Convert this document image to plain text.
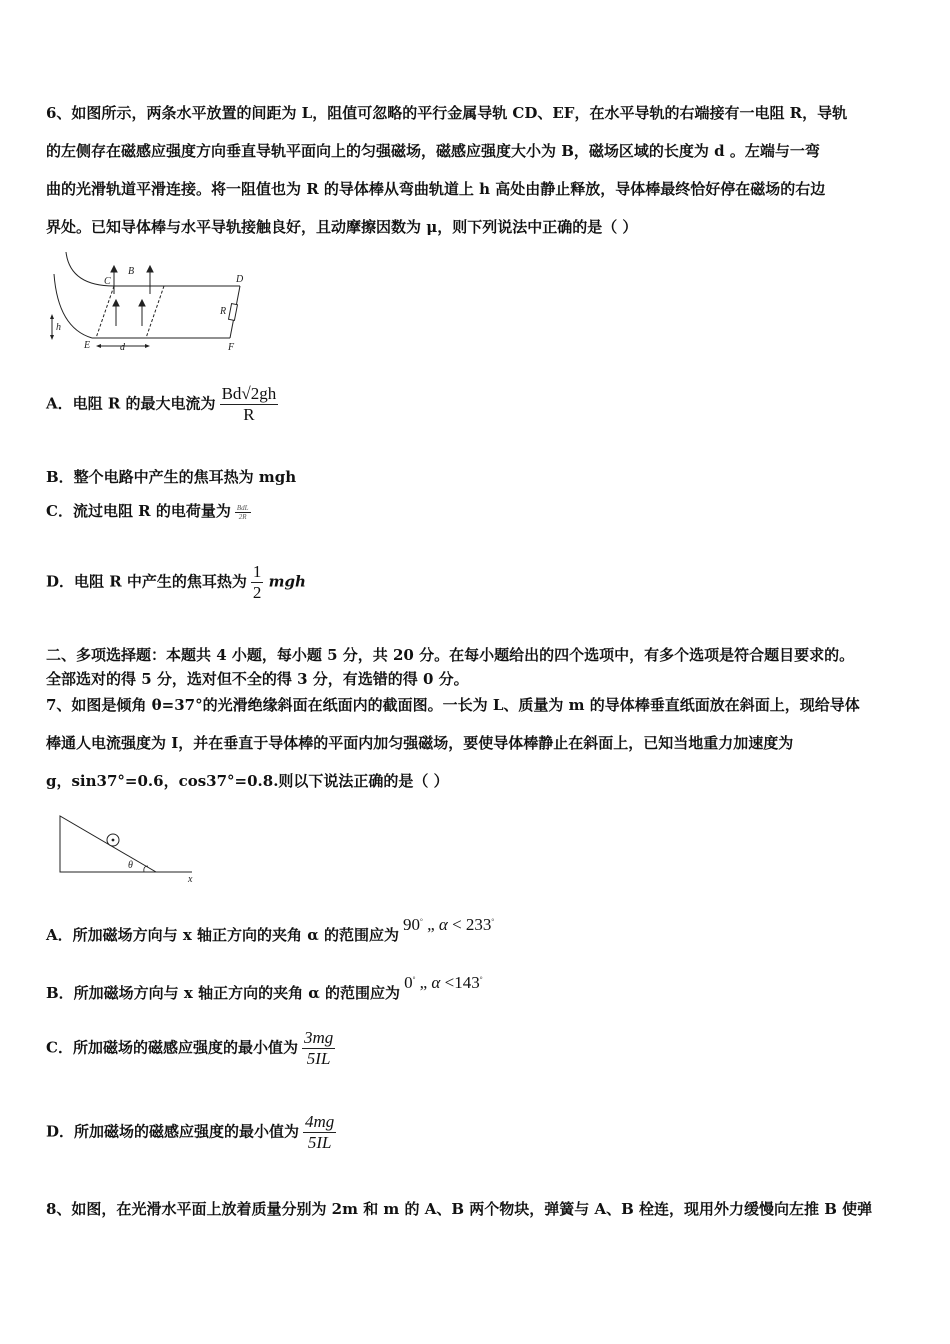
6、如图所示，两条水平放置的间距为 L，阻值可忽略的平行金属导轨 CD、EF，在水平导轨的右端接有一电阻 R，导轨
的左侧存在磁感应强度方向垂直导轨平面向上的匀强磁场，磁感应强度大小为 B，磁场区域的长度为 d 。左端与一弯
曲的光滑轨道平滑连接。将一阻值也为 R 的导体棒从弯曲轨道上 h 高处由静止释放，导体棒最终恰好停在磁场的右边
界处。已知导体棒与水平导轨接触良好，且动摩擦因数为 μ，则下列说法中正确的是（ ）
C	D
E	F
B
R
h
d
A．电阻 R 的最大电流为 $\frac{Bd√2gh}{R}$
B．整个电路中产生的焦耳热为 mgh
C．流过电阻 R 的电荷量为 $\frac{\text{BdL}}{2R}$
D．电阻 R 中产生的焦耳热为 $\frac{1}{2}$ mgh
二、多项选择题：本题共 4 小题，每小题 5 分，共 20 分。在每小题给出的四个选项中，有多个选项是符合题目要求的。
全部选对的得 5 分，选对但不全的得 3 分，有选错的得 0 分。
7、如图是倾角 θ=37°的光滑绝缘斜面在纸面内的截面图。一长为 L、质量为 m 的导体棒垂直纸面放在斜面上，现给导体
棒通人电流强度为 I，并在垂直于导体棒的平面内加匀强磁场，要使导体棒静止在斜面上，已知当地重力加速度为
g，sin37°=0.6，cos37°=0.8.则以下说法正确的是（ ）
θ
x
A．所加磁场方向与 x 轴正方向的夹角 α 的范围应为90° „ α < 233°
B．所加磁场方向与 x 轴正方向的夹角 α 的范围应为0° „ α <143°
C．所加磁场的磁感应强度的最小值为 $\frac{3mg}{5IL}$
D．所加磁场的磁感应强度的最小值为 $\frac{4mg}{5IL}$
8、如图，在光滑水平面上放着质量分别为 2m 和 m 的 A、B 两个物块，弹簧与 A、B 栓连，现用外力缓慢向左推 B 使弹
